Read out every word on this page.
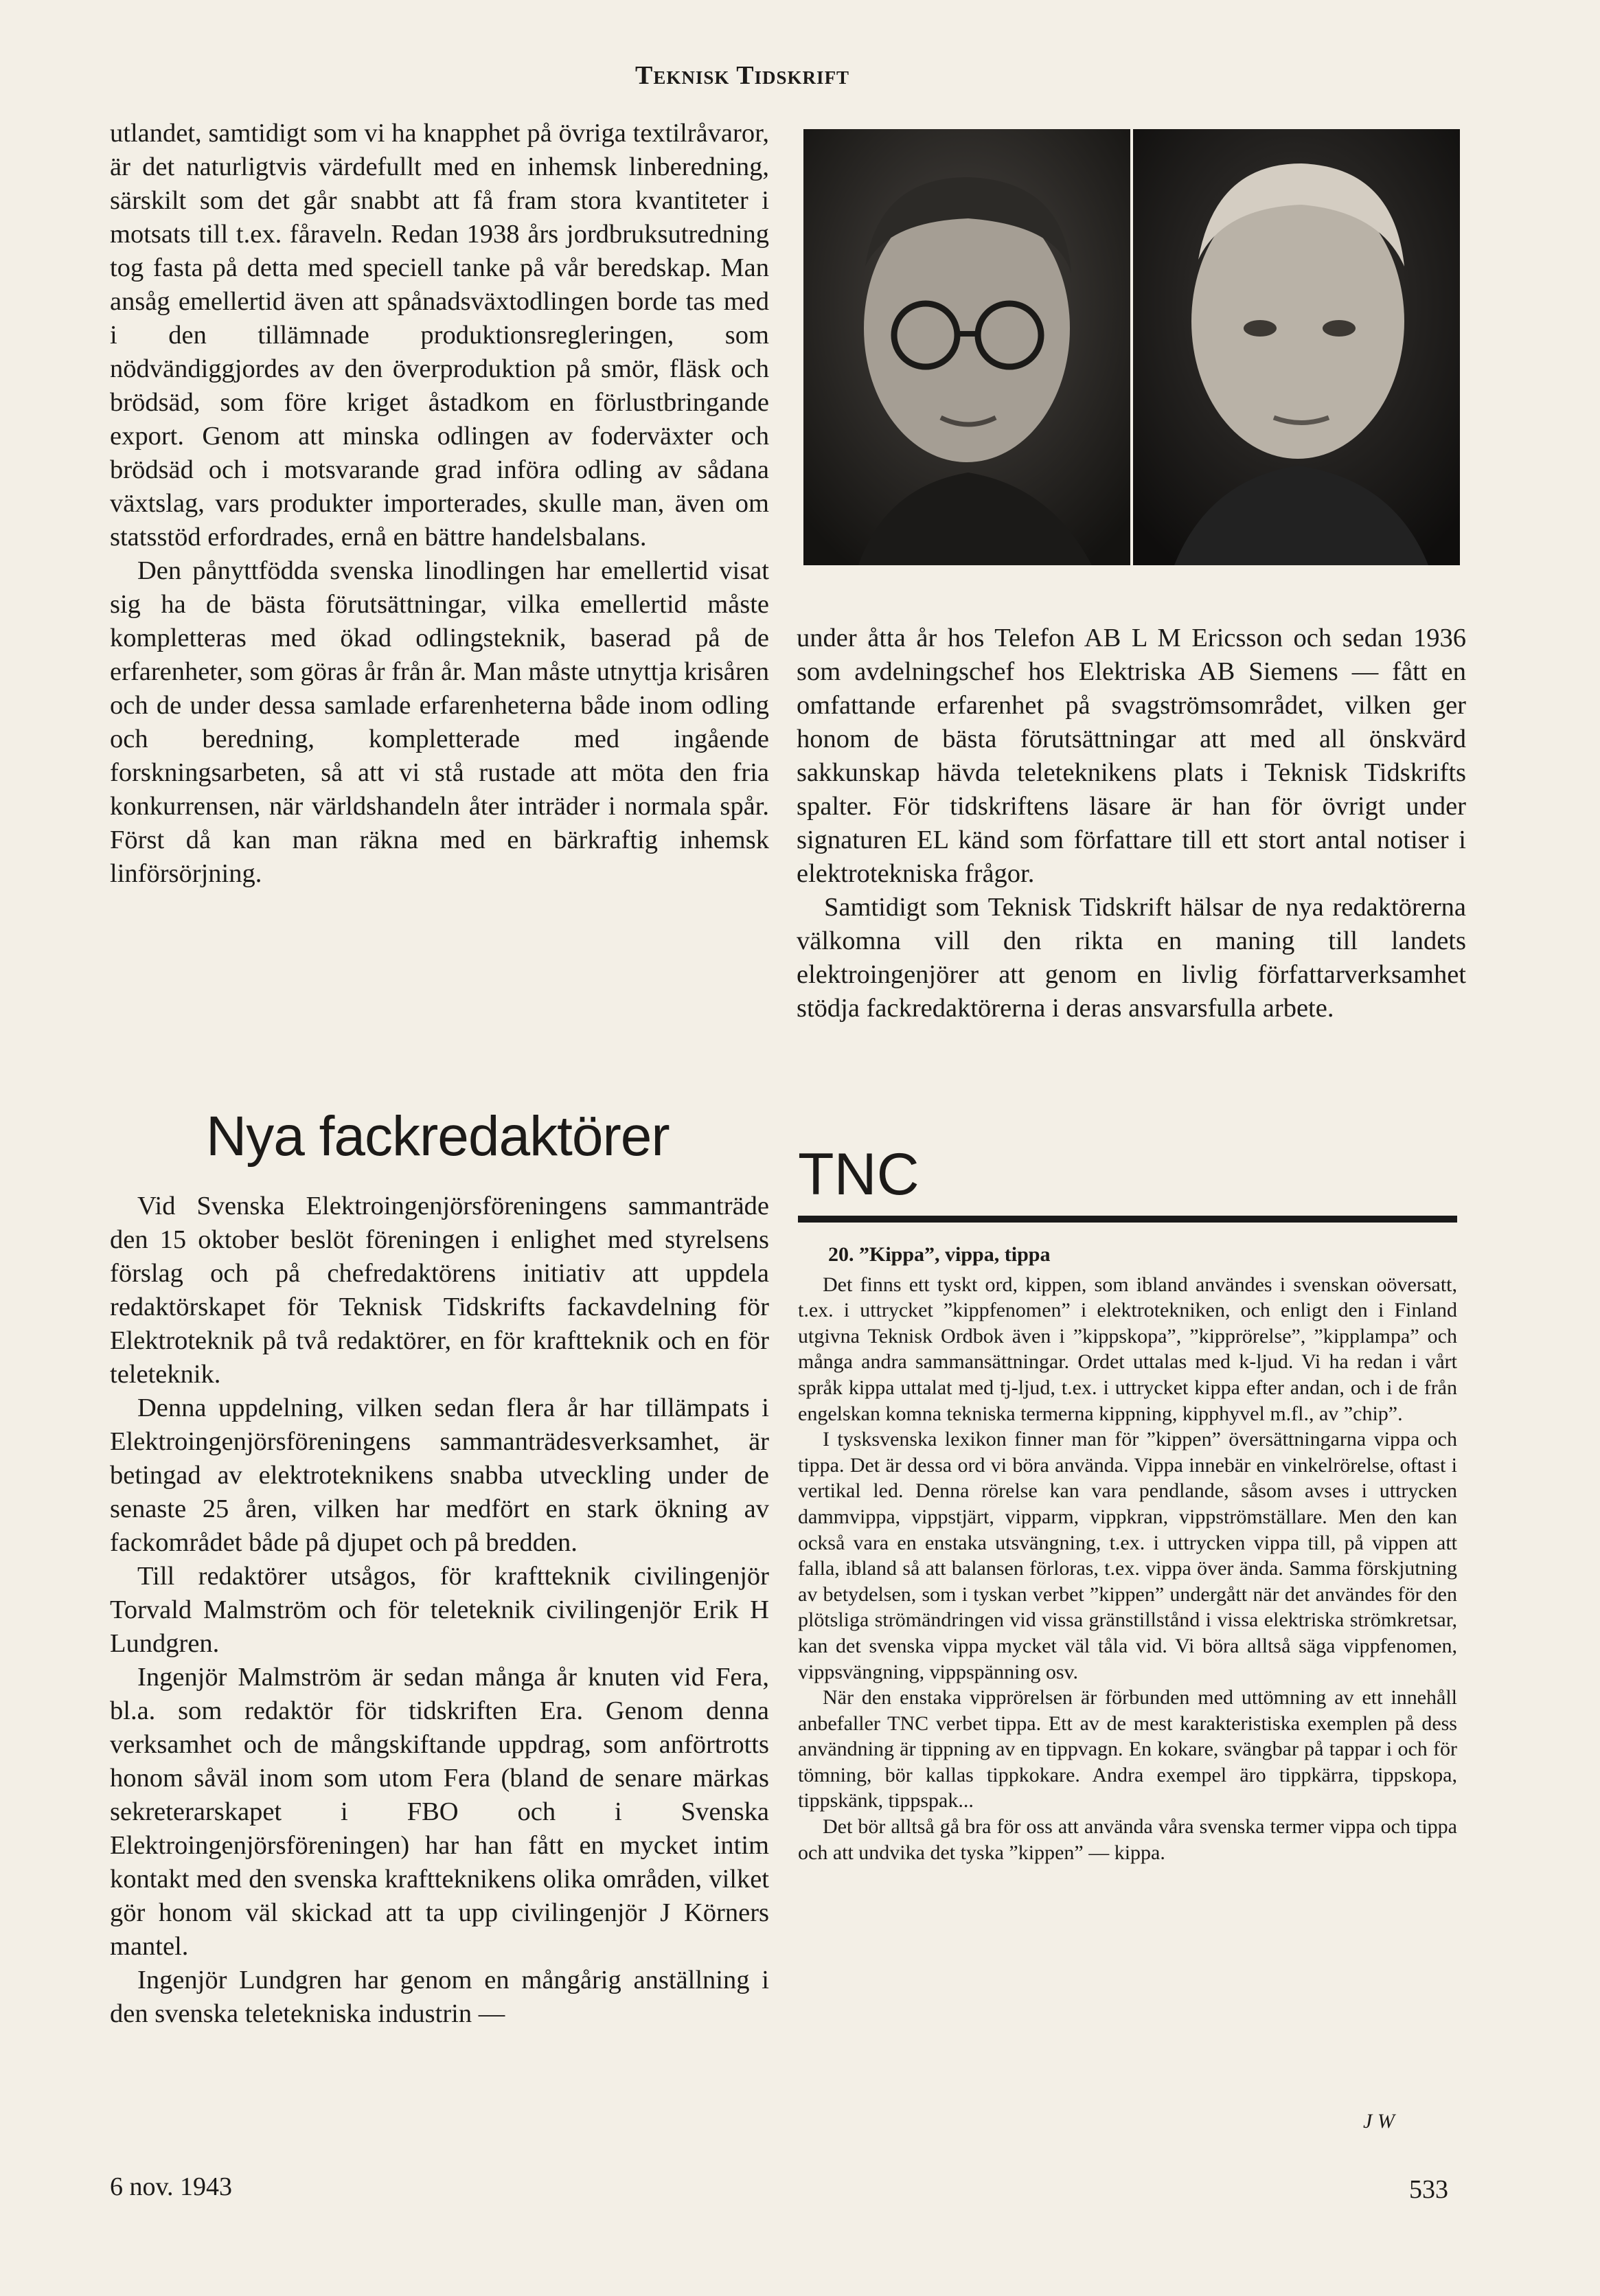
Teknisk Tidskrift

utlandet, samtidigt som vi ha knapphet på övriga textilråvaror, är det naturligtvis värdefullt med en inhemsk linberedning, särskilt som det går snabbt att få fram stora kvantiteter i motsats till t.ex. fåraveln. Redan 1938 års jordbruksutredning tog fasta på detta med speciell tanke på vår beredskap. Man ansåg emellertid även att spånadsväxtodlingen borde tas med i den tillämnade produktionsregleringen, som nödvändiggjordes av den överproduktion på smör, fläsk och brödsäd, som före kriget åstadkom en förlustbringande export. Genom att minska odlingen av foderväxter och brödsäd och i motsvarande grad införa odling av sådana växtslag, vars produkter importerades, skulle man, även om statsstöd erfordrades, ernå en bättre handelsbalans.

Den pånyttfödda svenska linodlingen har emellertid visat sig ha de bästa förutsättningar, vilka emellertid måste kompletteras med ökad odlingsteknik, baserad på de erfarenheter, som göras år från år. Man måste utnyttja krisåren och de under dessa samlade erfarenheterna både inom odling och beredning, kompletterade med ingående forskningsarbeten, så att vi stå rustade att möta den fria konkurrensen, när världshandeln åter inträder i normala spår. Först då kan man räkna med en bärkraftig inhemsk linförsörjning.

Nya fackredaktörer

Vid Svenska Elektroingenjörsföreningens sammanträde den 15 oktober beslöt föreningen i enlighet med styrelsens förslag och på chefredaktörens initiativ att uppdela redaktörskapet för Teknisk Tidskrifts fackavdelning för Elektroteknik på två redaktörer, en för kraftteknik och en för teleteknik.

Denna uppdelning, vilken sedan flera år har tillämpats i Elektroingenjörsföreningens sammanträdesverksamhet, är betingad av elektroteknikens snabba utveckling under de senaste 25 åren, vilken har medfört en stark ökning av fackområdet både på djupet och på bredden.

Till redaktörer utsågos, för kraftteknik civilingenjör Torvald Malmström och för teleteknik civilingenjör Erik H Lundgren.

Ingenjör Malmström är sedan många år knuten vid Fera, bl.a. som redaktör för tidskriften Era. Genom denna verksamhet och de mångskiftande uppdrag, som anförtrotts honom såväl inom som utom Fera (bland de senare märkas sekreterarskapet i FBO och i Svenska Elektroingenjörsföreningen) har han fått en mycket intim kontakt med den svenska kraftteknikens olika områden, vilket gör honom väl skickad att ta upp civilingenjör J Körners mantel.

Ingenjör Lundgren har genom en mångårig anställning i den svenska teletekniska industrin —

under åtta år hos Telefon AB L M Ericsson och sedan 1936 som avdelningschef hos Elektriska AB Siemens — fått en omfattande erfarenhet på svagströmsområdet, vilken ger honom de bästa förutsättningar att med all önskvärd sakkunskap hävda teleteknikens plats i Teknisk Tidskrifts spalter. För tidskriftens läsare är han för övrigt under signaturen EL känd som författare till ett stort antal notiser i elektrotekniska frågor.

Samtidigt som Teknisk Tidskrift hälsar de nya redaktörerna välkomna vill den rikta en maning till landets elektroingenjörer att genom en livlig författarverksamhet stödja fackredaktörerna i deras ansvarsfulla arbete.

TNC

20. ”Kippa”, vippa, tippa

Det finns ett tyskt ord, kippen, som ibland användes i svenskan oöversatt, t.ex. i uttrycket ”kippfenomen” i elektrotekniken, och enligt den i Finland utgivna Teknisk Ordbok även i ”kippskopa”, ”kipprörelse”, ”kipplampa” och många andra sammansättningar. Ordet uttalas med k-ljud. Vi ha redan i vårt språk kippa uttalat med tj-ljud, t.ex. i uttrycket kippa efter andan, och i de från engelskan komna tekniska termerna kippning, kipphyvel m.fl., av ”chip”.

I tysksvenska lexikon finner man för ”kippen” översättningarna vippa och tippa. Det är dessa ord vi böra använda. Vippa innebär en vinkelrörelse, oftast i vertikal led. Denna rörelse kan vara pendlande, såsom avses i uttrycken dammvippa, vippstjärt, vipparm, vippkran, vippströmställare. Men den kan också vara en enstaka utsvängning, t.ex. i uttrycken vippa till, på vippen att falla, ibland så att balansen förloras, t.ex. vippa över ända. Samma förskjutning av betydelsen, som i tyskan verbet ”kippen” undergått när det användes för den plötsliga strömändringen vid vissa gränstillstånd i vissa elektriska strömkretsar, kan det svenska vippa mycket väl tåla vid. Vi böra alltså säga vippfenomen, vippsvängning, vippspänning osv.

När den enstaka vipprörelsen är förbunden med uttömning av ett innehåll anbefaller TNC verbet tippa. Ett av de mest karakteristiska exemplen på dess användning är tippning av en tippvagn. En kokare, svängbar på tappar i och för tömning, bör kallas tippkokare. Andra exempel äro tippkärra, tippskopa, tippskänk, tippspak...

Det bör alltså gå bra för oss att använda våra svenska termer vippa och tippa och att undvika det tyska ”kippen” — kippa.

J W
6 nov. 1943	533
